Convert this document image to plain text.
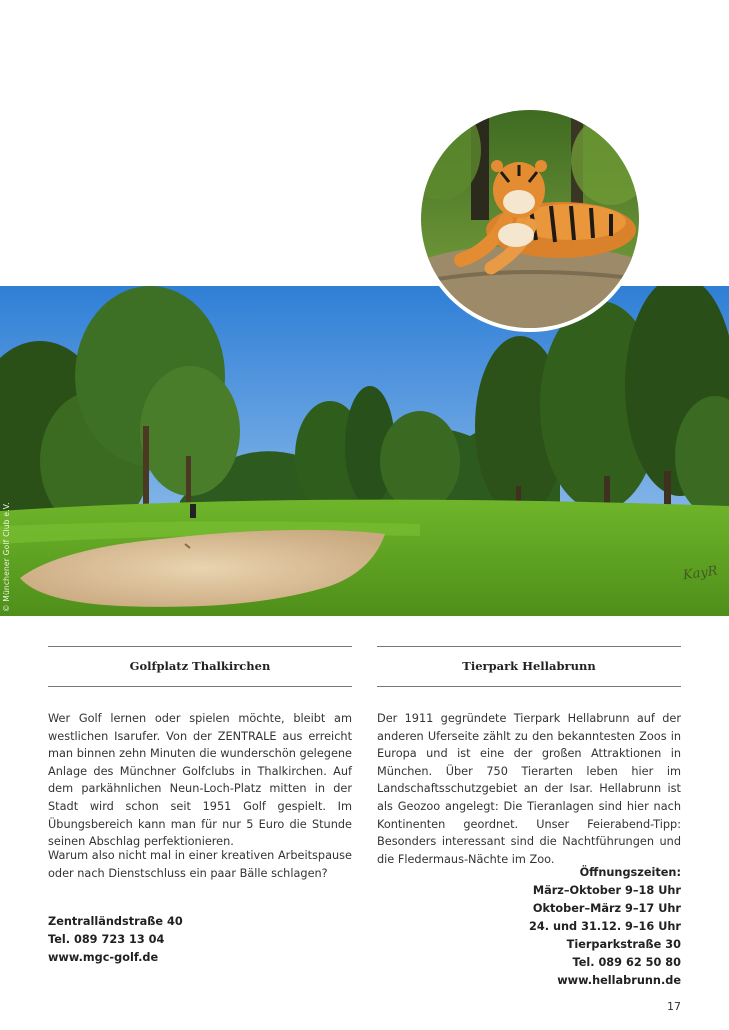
© Münchener Golf Club e.V.	KayR
Golfplatz Thalkirchen

Wer Golf lernen oder spielen möchte, bleibt am westlichen Isarufer. Von der ZENTRALE aus erreicht man binnen zehn Minuten die wunderschön gelegene Anlage des Münchner Golfclubs in Thalkirchen. Auf dem parkähnlichen Neun-Loch-Platz mitten in der Stadt wird schon seit 1951 Golf gespielt. Im Übungsbereich kann man für nur 5 Euro die Stunde seinen Abschlag perfektionieren.

Warum also nicht mal in einer kreativen Arbeitspause oder nach Dienstschluss ein paar Bälle schlagen?

Zentralländstraße 40
Tel. 089 723 13 04
www.mgc-golf.de
Tierpark Hellabrunn

Der 1911 gegründete Tierpark Hellabrunn auf der anderen Uferseite zählt zu den bekanntesten Zoos in Europa und ist eine der großen Attraktionen in München. Über 750 Tierarten leben hier im Landschaftsschutzgebiet an der Isar. Hellabrunn ist als Geozoo angelegt: Die Tieranlagen sind hier nach Kontinenten geordnet. Unser Feierabend-Tipp: Besonders interessant sind die Nachtführungen und die Fledermaus-Nächte im Zoo.

Öffnungszeiten:
März–Oktober 9–18 Uhr
Oktober–März 9–17 Uhr
24. und 31.12. 9–16 Uhr
Tierparkstraße 30
Tel. 089 62 50 80
www.hellabrunn.de
17
